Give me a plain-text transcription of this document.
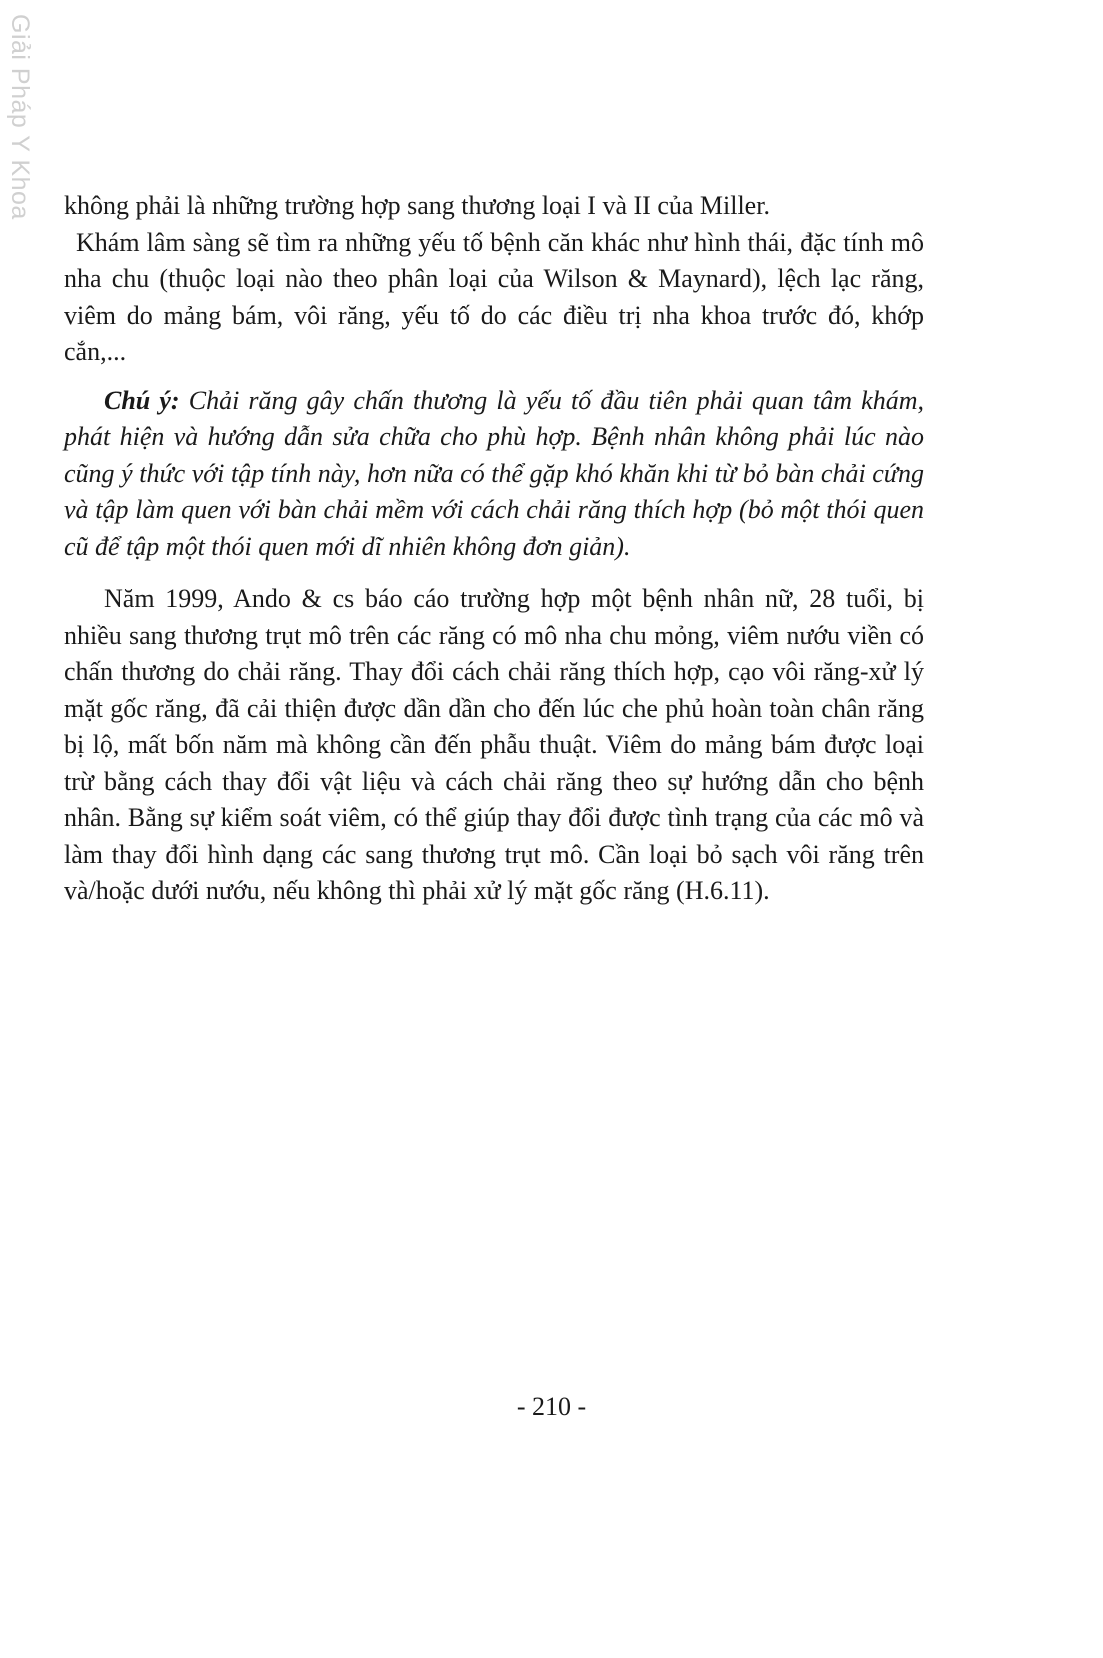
Giải Pháp Y Khoa không phải là những trường hợp sang thương loại I và II của Miller.

Khám lâm sàng sẽ tìm ra những yếu tố bệnh căn khác như hình thái, đặc tính mô nha chu (thuộc loại nào theo phân loại của Wilson & Maynard), lệch lạc răng, viêm do mảng bám, vôi răng, yếu tố do các điều trị nha khoa trước đó, khớp cắn,...

Chú ý: Chải răng gây chấn thương là yếu tố đầu tiên phải quan tâm khám, phát hiện và hướng dẫn sửa chữa cho phù hợp. Bệnh nhân không phải lúc nào cũng ý thức với tập tính này, hơn nữa có thể gặp khó khăn khi từ bỏ bàn chải cứng và tập làm quen với bàn chải mềm với cách chải răng thích hợp (bỏ một thói quen cũ để tập một thói quen mới dĩ nhiên không đơn giản).

Năm 1999, Ando & cs báo cáo trường hợp một bệnh nhân nữ, 28 tuổi, bị nhiều sang thương trụt mô trên các răng có mô nha chu mỏng, viêm nướu viền có chấn thương do chải răng. Thay đổi cách chải răng thích hợp, cạo vôi răng-xử lý mặt gốc răng, đã cải thiện được dần dần cho đến lúc che phủ hoàn toàn chân răng bị lộ, mất bốn năm mà không cần đến phẫu thuật. Viêm do mảng bám được loại trừ bằng cách thay đổi vật liệu và cách chải răng theo sự hướng dẫn cho bệnh nhân. Bằng sự kiểm soát viêm, có thể giúp thay đổi được tình trạng của các mô và làm thay đổi hình dạng các sang thương trụt mô. Cần loại bỏ sạch vôi răng trên và/hoặc dưới nướu, nếu không thì phải xử lý mặt gốc răng (H.6.11).

- 210 -
